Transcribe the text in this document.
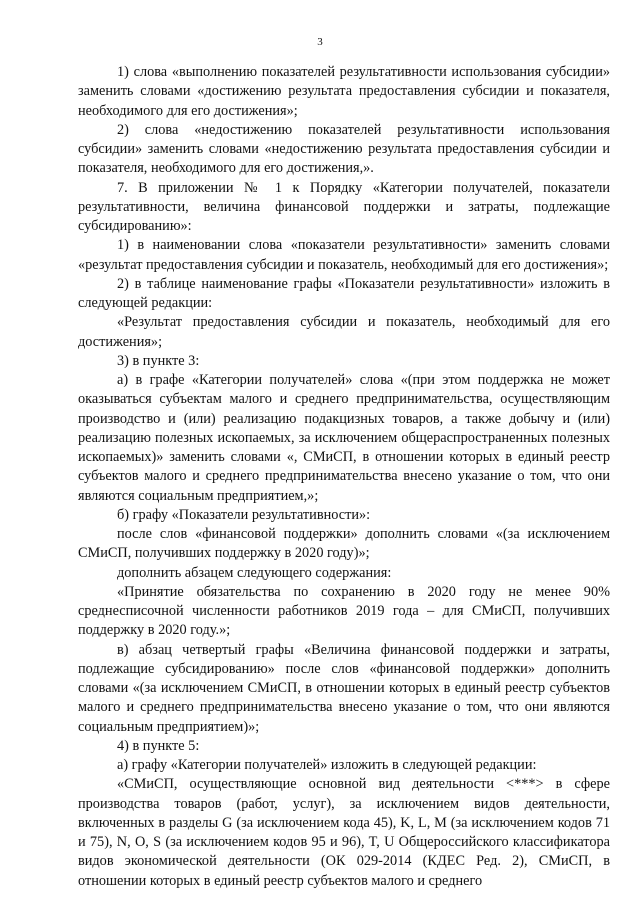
3

1) слова «выполнению показателей результативности использования субсидии» заменить словами «достижению результата предоставления субсидии и показателя, необходимого для его достижения»;

2) слова «недостижению показателей результативности использования субсидии» заменить словами «недостижению результата предоставления субсидии и показателя, необходимого для его достижения,».

7. В приложении № 1 к Порядку «Категории получателей, показатели результативности, величина финансовой поддержки и затраты, подлежащие субсидированию»:

1) в наименовании слова «показатели результативности» заменить словами «результат предоставления субсидии и показатель, необходимый для его достижения»;

2) в таблице наименование графы «Показатели результативности» изложить в следующей редакции:

«Результат предоставления субсидии и показатель, необходимый для его достижения»;

3) в пункте 3:

а) в графе «Категории получателей» слова «(при этом поддержка не может оказываться субъектам малого и среднего предпринимательства, осуществляющим производство и (или) реализацию подакцизных товаров, а также добычу и (или) реализацию полезных ископаемых, за исключением общераспространенных полезных ископаемых)» заменить словами «, СМиСП, в отношении которых в единый реестр субъектов малого и среднего предпринимательства внесено указание о том, что они являются социальным предприятием,»;

б) графу «Показатели результативности»:

после слов «финансовой поддержки» дополнить словами «(за исключением СМиСП, получивших поддержку в 2020 году)»;

дополнить абзацем следующего содержания:

«Принятие обязательства по сохранению в 2020 году не менее 90% среднесписочной численности работников 2019 года – для СМиСП, получивших поддержку в 2020 году.»;

в) абзац четвертый графы «Величина финансовой поддержки и затраты, подлежащие субсидированию» после слов «финансовой поддержки» дополнить словами «(за исключением СМиСП, в отношении которых в единый реестр субъектов малого и среднего предпринимательства внесено указание о том, что они являются социальным предприятием)»;

4) в пункте 5:

а) графу «Категории получателей» изложить в следующей редакции:

«СМиСП, осуществляющие основной вид деятельности <***> в сфере производства товаров (работ, услуг), за исключением видов деятельности, включенных в разделы G (за исключением кода 45), K, L, M (за исключением кодов 71 и 75), N, O, S (за исключением кодов 95 и 96), T, U Общероссийского классификатора видов экономической деятельности (ОК 029-2014 (КДЕС Ред. 2), СМиСП, в отношении которых в единый реестр субъектов малого и среднего
